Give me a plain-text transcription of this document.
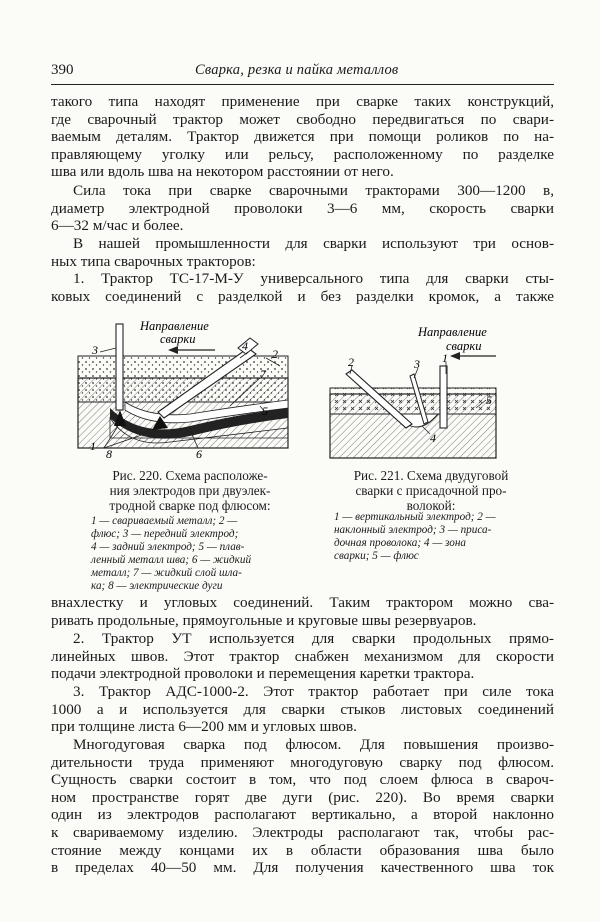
390	Сварка, резка и пайка металлов
такого типа находят применение при сварке таких конструкций,
где сварочный трактор может свободно передвигаться по свари-
ваемым деталям. Трактор движется при помощи роликов по на-
правляющему уголку или рельсу, расположенному по разделке
шва или вдоль шва на некотором расстоянии от него.
Сила тока при сварке сварочными тракторами 300—1200 в,
диаметр электродной проволоки 3—6 мм, скорость сварки
6—32 м/час и более.
В нашей промышленности для сварки используют три основ-
ных типа сварочных тракторов:
1. Трактор ТС-17-М-У универсального типа для сварки сты-
ковых соединений с разделкой и без разделки кромок, а также
Направление
сварки
3	4
2
7
5
1
8	6
Рис. 220. Схема расположе-
ния электродов при двуэлек-
тродной сварке под флюсом:
1 — свариваемый металл; 2 —
флюс; 3 — передний электрод;
4 — задний электрод; 5 — плав-
ленный металл шва; 6 — жидкий
металл; 7 — жидкий слой шла-
ка; 8 — электрические дуги
Направление
сварки
1
2	3
4
5
Рис. 221. Схема двудуговой
сварки с присадочной про-
волокой:
1 — вертикальный электрод; 2 —
наклонный электрод; 3 — приса-
дочная проволока; 4 — зона
сварки; 5 — флюс
внахлестку и угловых соединений. Таким трактором можно сва-
ривать продольные, прямоугольные и круговые швы резервуаров.
2. Трактор УТ используется для сварки продольных прямо-
линейных швов. Этот трактор снабжен механизмом для скорости
подачи электродной проволоки и перемещения каретки трактора.
3. Трактор АДС-1000-2. Этот трактор работает при силе тока
1000 а и используется для сварки стыков листовых соединений
при толщине листа 6—200 мм и угловых швов.
Многодуговая сварка под флюсом. Для повышения произво-
дительности труда применяют многодуговую сварку под флюсом.
Сущность сварки состоит в том, что под слоем флюса в свароч-
ном пространстве горят две дуги (рис. 220). Во время сварки
один из электродов располагают вертикально, а второй наклонно
к свариваемому изделию. Электроды располагают так, чтобы рас-
стояние между концами их в области образования шва было
в пределах 40—50 мм. Для получения качественного шва ток
